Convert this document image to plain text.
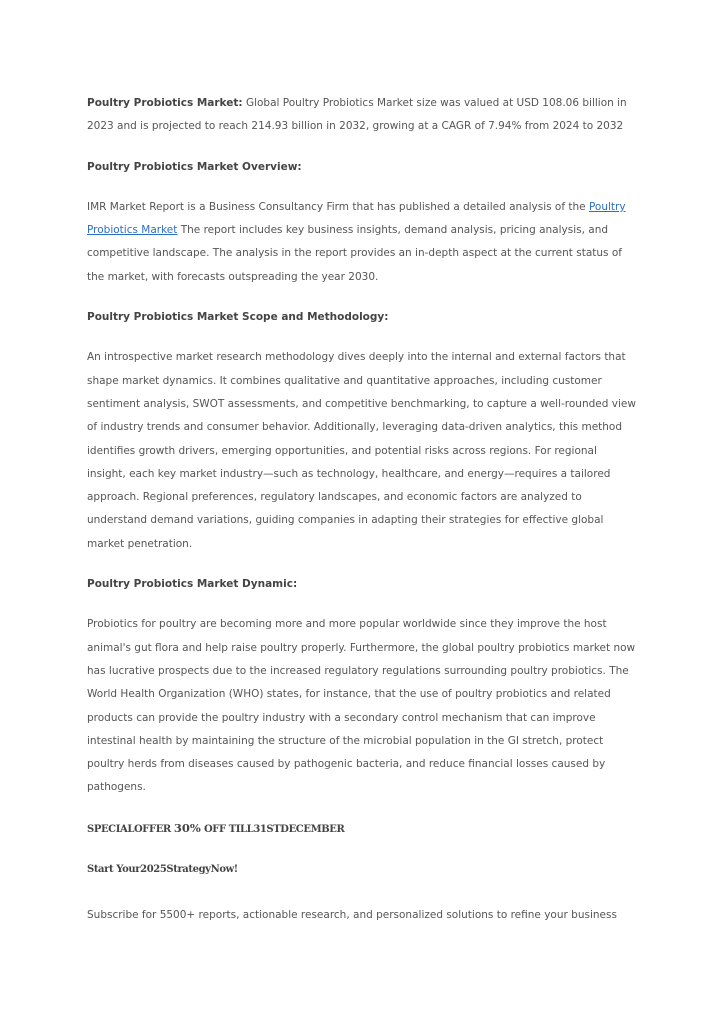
Poultry Probiotics Market: Global Poultry Probiotics Market size was valued at USD 108.06 billion in 2023 and is projected to reach 214.93 billion in 2032, growing at a CAGR of 7.94% from 2024 to 2032

Poultry Probiotics Market Overview:

IMR Market Report is a Business Consultancy Firm that has published a detailed analysis of the Poultry Probiotics Market The report includes key business insights, demand analysis, pricing analysis, and competitive landscape. The analysis in the report provides an in-depth aspect at the current status of the market, with forecasts outspreading the year 2030.

Poultry Probiotics Market Scope and Methodology:

An introspective market research methodology dives deeply into the internal and external factors that shape market dynamics. It combines qualitative and quantitative approaches, including customer sentiment analysis, SWOT assessments, and competitive benchmarking, to capture a well-rounded view of industry trends and consumer behavior. Additionally, leveraging data-driven analytics, this method identifies growth drivers, emerging opportunities, and potential risks across regions. For regional insight, each key market industry—such as technology, healthcare, and energy—requires a tailored approach. Regional preferences, regulatory landscapes, and economic factors are analyzed to understand demand variations, guiding companies in adapting their strategies for effective global market penetration.

Poultry Probiotics Market Dynamic:

Probiotics for poultry are becoming more and more popular worldwide since they improve the host animal's gut flora and help raise poultry properly. Furthermore, the global poultry probiotics market now has lucrative prospects due to the increased regulatory regulations surrounding poultry probiotics. The World Health Organization (WHO) states, for instance, that the use of poultry probiotics and related products can provide the poultry industry with a secondary control mechanism that can improve intestinal health by maintaining the structure of the microbial population in the GI stretch, protect poultry herds from diseases caused by pathogenic bacteria, and reduce financial losses caused by pathogens.

SPECIALOFFER 30% OFF TILL31STDECEMBER

Start Your2025StrategyNow!

Subscribe for 5500+ reports, actionable research, and personalized solutions to refine your business
